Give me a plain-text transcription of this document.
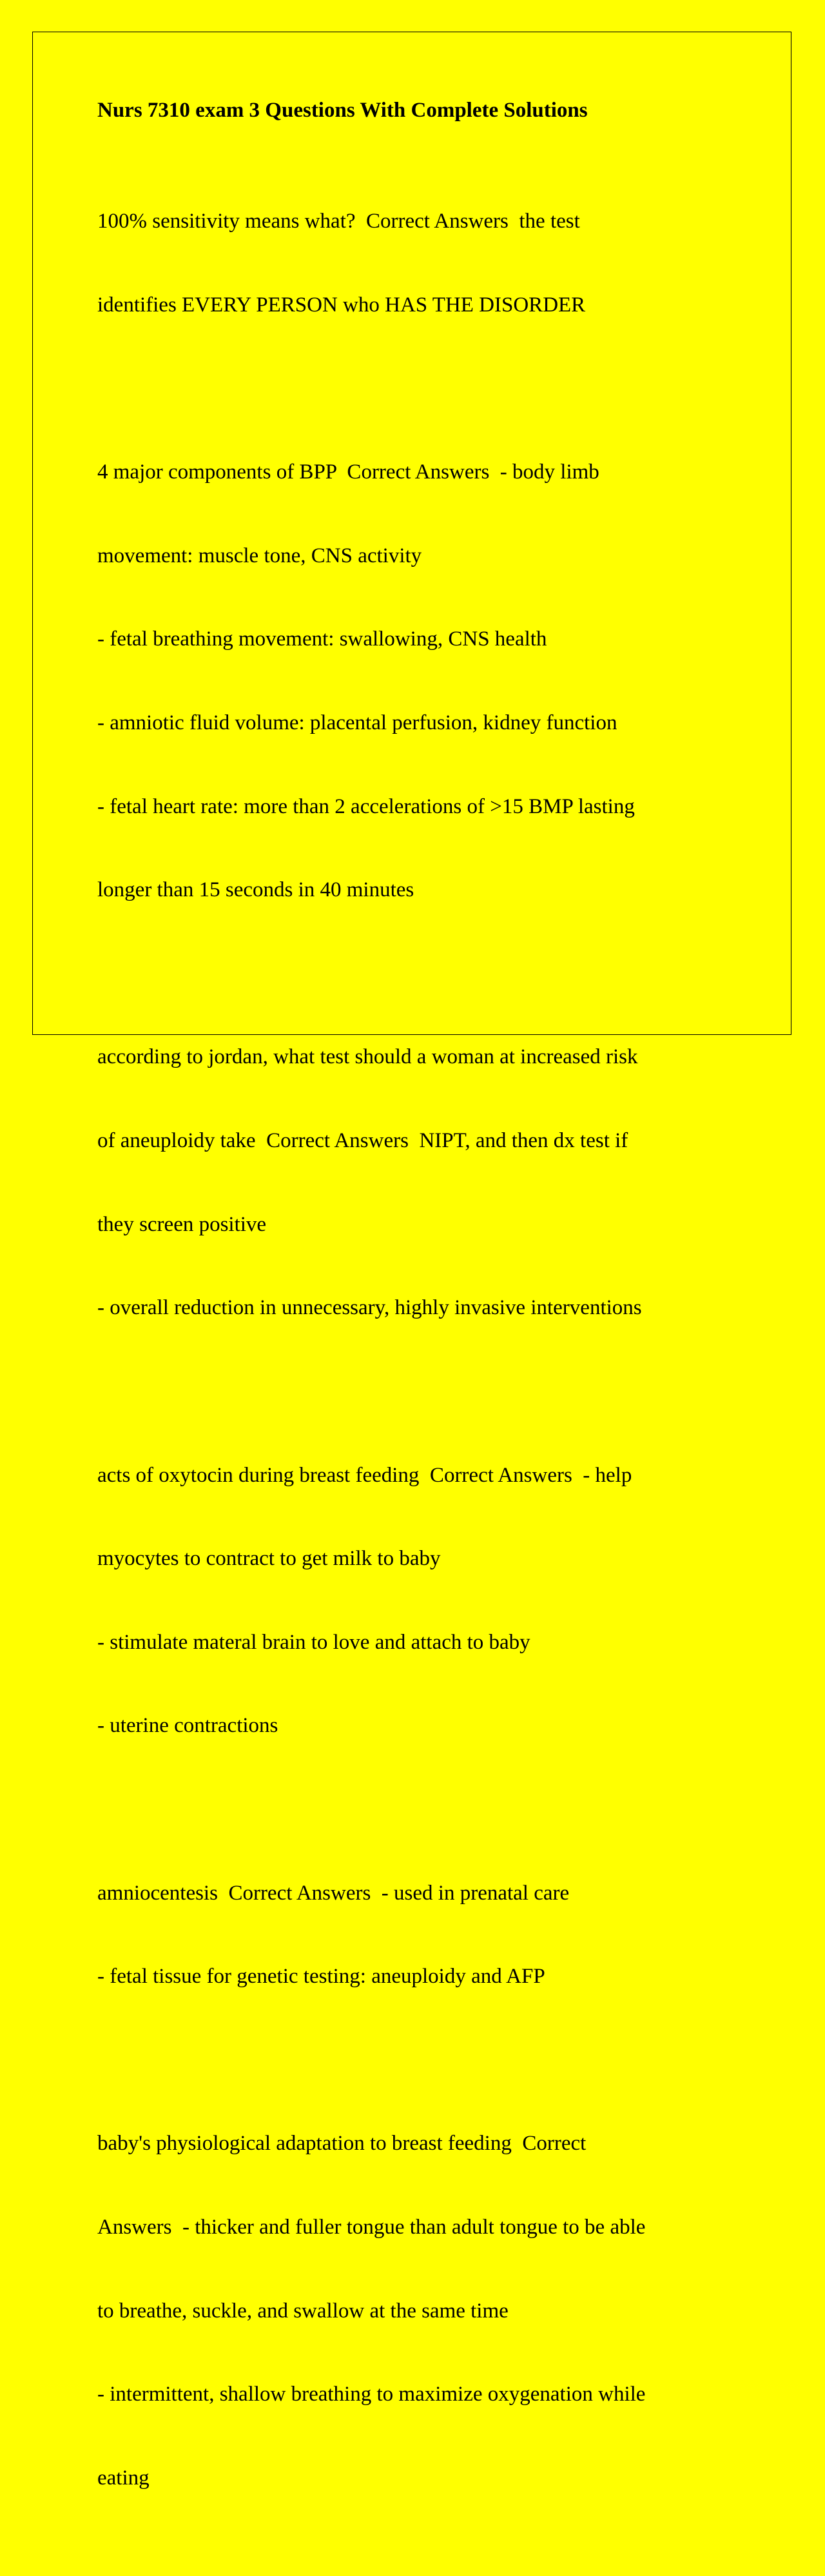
Nurs 7310 exam 3 Questions With Complete Solutions

100% sensitivity means what?  Correct Answers  the test

identifies EVERY PERSON who HAS THE DISORDER

4 major components of BPP  Correct Answers  - body limb

movement: muscle tone, CNS activity

- fetal breathing movement: swallowing, CNS health

- amniotic fluid volume: placental perfusion, kidney function

- fetal heart rate: more than 2 accelerations of >15 BMP lasting

longer than 15 seconds in 40 minutes

according to jordan, what test should a woman at increased risk

of aneuploidy take  Correct Answers  NIPT, and then dx test if

they screen positive

- overall reduction in unnecessary, highly invasive interventions

acts of oxytocin during breast feeding  Correct Answers  - help

myocytes to contract to get milk to baby

- stimulate materal brain to love and attach to baby

- uterine contractions

amniocentesis  Correct Answers  - used in prenatal care

- fetal tissue for genetic testing: aneuploidy and AFP

baby's physiological adaptation to breast feeding  Correct

Answers  - thicker and fuller tongue than adult tongue to be able

to breathe, suckle, and swallow at the same time

- intermittent, shallow breathing to maximize oxygenation while

eating
